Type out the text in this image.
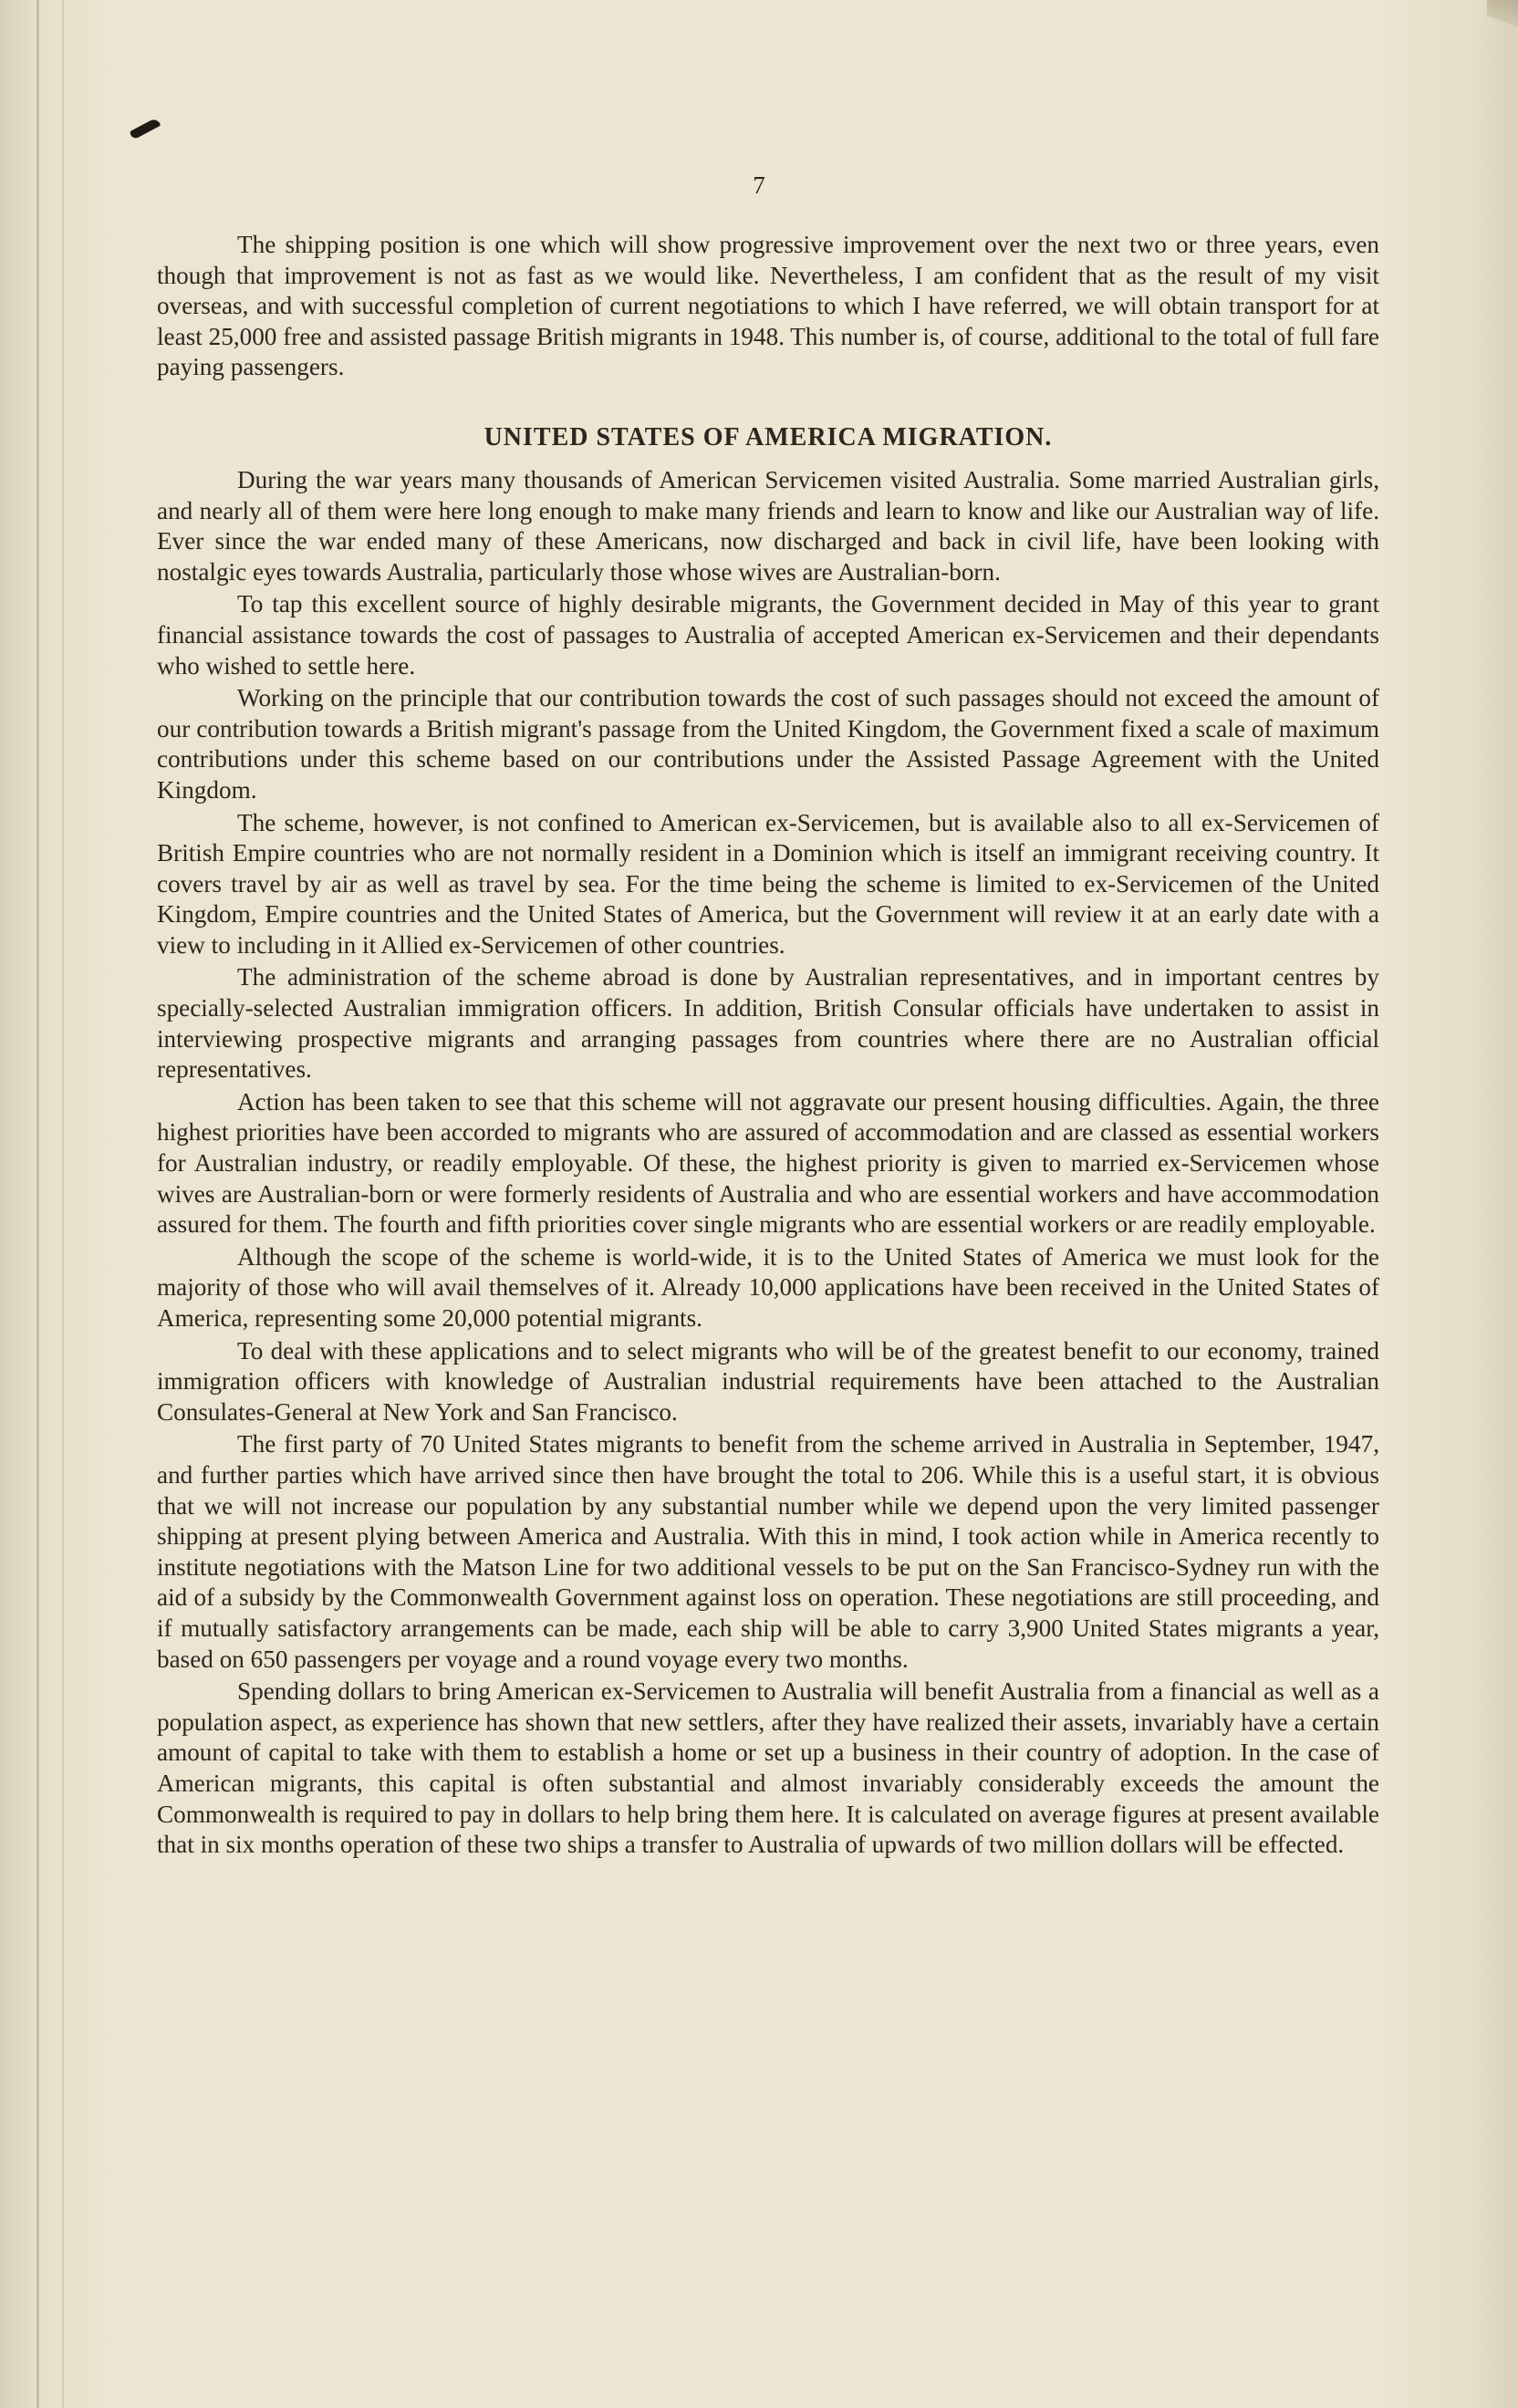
7

The shipping position is one which will show progressive improvement over the next two or three years, even though that improvement is not as fast as we would like. Nevertheless, I am confident that as the result of my visit overseas, and with successful completion of current negotiations to which I have referred, we will obtain transport for at least 25,000 free and assisted passage British migrants in 1948. This number is, of course, additional to the total of full fare paying passengers.

UNITED STATES OF AMERICA MIGRATION.

During the war years many thousands of American Servicemen visited Australia. Some married Australian girls, and nearly all of them were here long enough to make many friends and learn to know and like our Australian way of life. Ever since the war ended many of these Americans, now discharged and back in civil life, have been looking with nostalgic eyes towards Australia, particularly those whose wives are Australian-born.

To tap this excellent source of highly desirable migrants, the Government decided in May of this year to grant financial assistance towards the cost of passages to Australia of accepted American ex-Servicemen and their dependants who wished to settle here.

Working on the principle that our contribution towards the cost of such passages should not exceed the amount of our contribution towards a British migrant's passage from the United Kingdom, the Government fixed a scale of maximum contributions under this scheme based on our contributions under the Assisted Passage Agreement with the United Kingdom.

The scheme, however, is not confined to American ex-Servicemen, but is available also to all ex-Servicemen of British Empire countries who are not normally resident in a Dominion which is itself an immigrant receiving country. It covers travel by air as well as travel by sea. For the time being the scheme is limited to ex-Servicemen of the United Kingdom, Empire countries and the United States of America, but the Government will review it at an early date with a view to including in it Allied ex-Servicemen of other countries.

The administration of the scheme abroad is done by Australian representatives, and in important centres by specially-selected Australian immigration officers. In addition, British Consular officials have undertaken to assist in interviewing prospective migrants and arranging passages from countries where there are no Australian official representatives.

Action has been taken to see that this scheme will not aggravate our present housing difficulties. Again, the three highest priorities have been accorded to migrants who are assured of accommodation and are classed as essential workers for Australian industry, or readily employable. Of these, the highest priority is given to married ex-Servicemen whose wives are Australian-born or were formerly residents of Australia and who are essential workers and have accommodation assured for them. The fourth and fifth priorities cover single migrants who are essential workers or are readily employable.

Although the scope of the scheme is world-wide, it is to the United States of America we must look for the majority of those who will avail themselves of it. Already 10,000 applications have been received in the United States of America, representing some 20,000 potential migrants.

To deal with these applications and to select migrants who will be of the greatest benefit to our economy, trained immigration officers with knowledge of Australian industrial requirements have been attached to the Australian Consulates-General at New York and San Francisco.

The first party of 70 United States migrants to benefit from the scheme arrived in Australia in September, 1947, and further parties which have arrived since then have brought the total to 206. While this is a useful start, it is obvious that we will not increase our population by any substantial number while we depend upon the very limited passenger shipping at present plying between America and Australia. With this in mind, I took action while in America recently to institute negotiations with the Matson Line for two additional vessels to be put on the San Francisco-Sydney run with the aid of a subsidy by the Commonwealth Government against loss on operation. These negotiations are still proceeding, and if mutually satisfactory arrangements can be made, each ship will be able to carry 3,900 United States migrants a year, based on 650 passengers per voyage and a round voyage every two months.

Spending dollars to bring American ex-Servicemen to Australia will benefit Australia from a financial as well as a population aspect, as experience has shown that new settlers, after they have realized their assets, invariably have a certain amount of capital to take with them to establish a home or set up a business in their country of adoption. In the case of American migrants, this capital is often substantial and almost invariably considerably exceeds the amount the Commonwealth is required to pay in dollars to help bring them here. It is calculated on average figures at present available that in six months operation of these two ships a transfer to Australia of upwards of two million dollars will be effected.
